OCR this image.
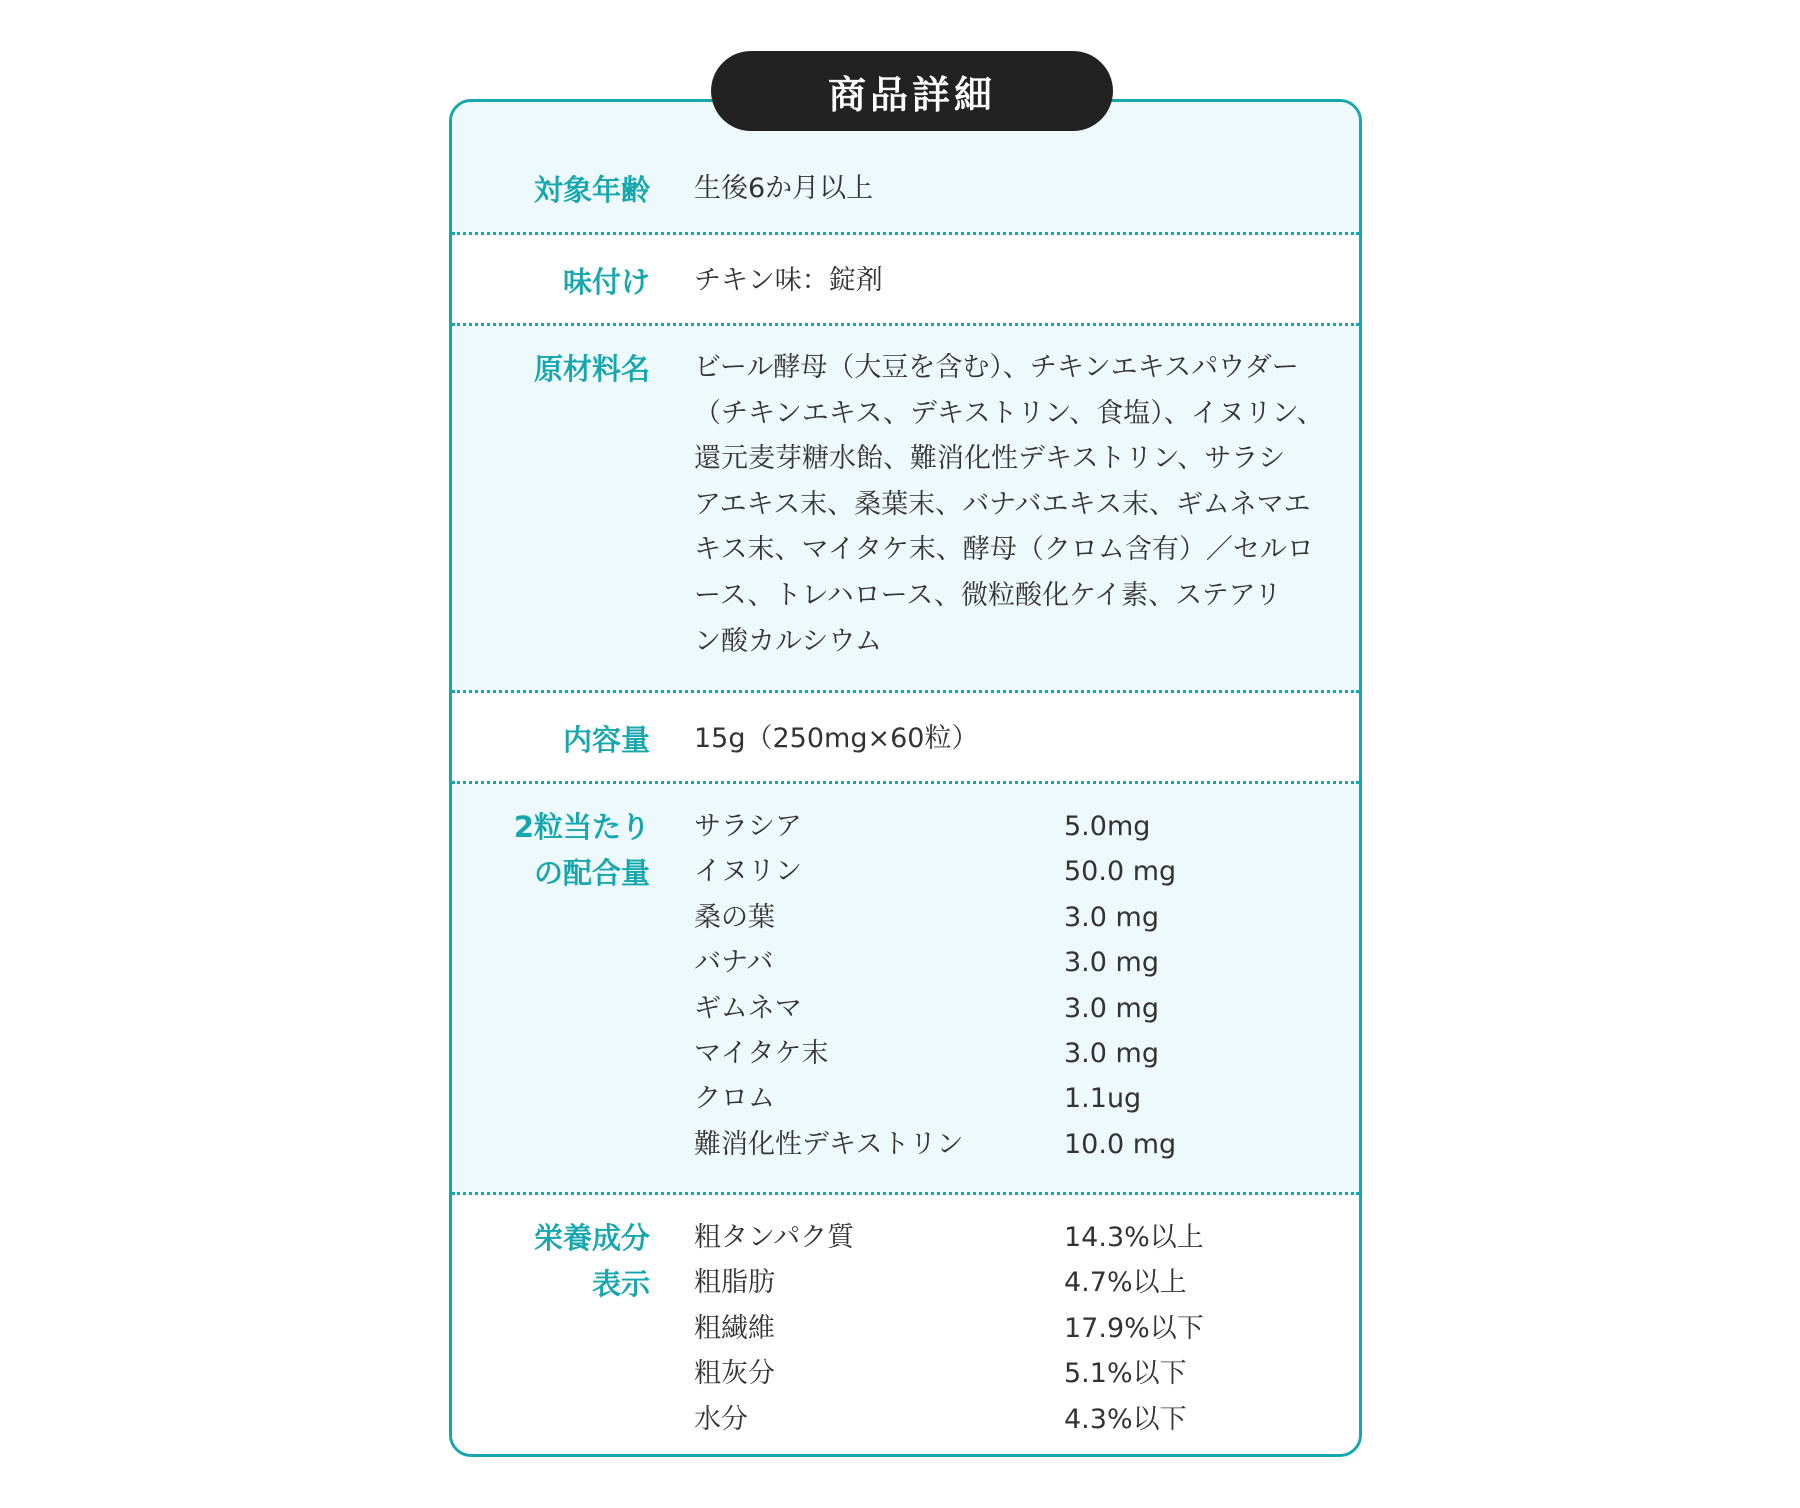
商品詳細
対象年齢 生後6か月以上
味付け チキン味：錠剤
原材料名 ビール酵母（大豆を含む）、チキンエキスパウダー
（チキンエキス、デキストリン、食塩）、イヌリン、
還元麦芽糖水飴、難消化性デキストリン、サラシ
アエキス末、桑葉末、バナバエキス末、ギムネマエ
キス末、マイタケ末、酵母（クロム含有）／セルロ
ース、トレハロース、微粒酸化ケイ素、ステアリ
ン酸カルシウム
内容量 15g（250mg×60粒）
2粒当たり
の配合量
サラシア	5.0mg
イヌリン	50.0 mg
桑の葉	3.0 mg
バナバ	3.0 mg
ギムネマ	3.0 mg
マイタケ末	3.0 mg
クロム	1.1ug
難消化性デキストリン	10.0 mg
栄養成分
表示
粗タンパク質	14.3%以上
粗脂肪	4.7%以上
粗繊維	17.9%以下
粗灰分	5.1%以下
水分	4.3%以下
